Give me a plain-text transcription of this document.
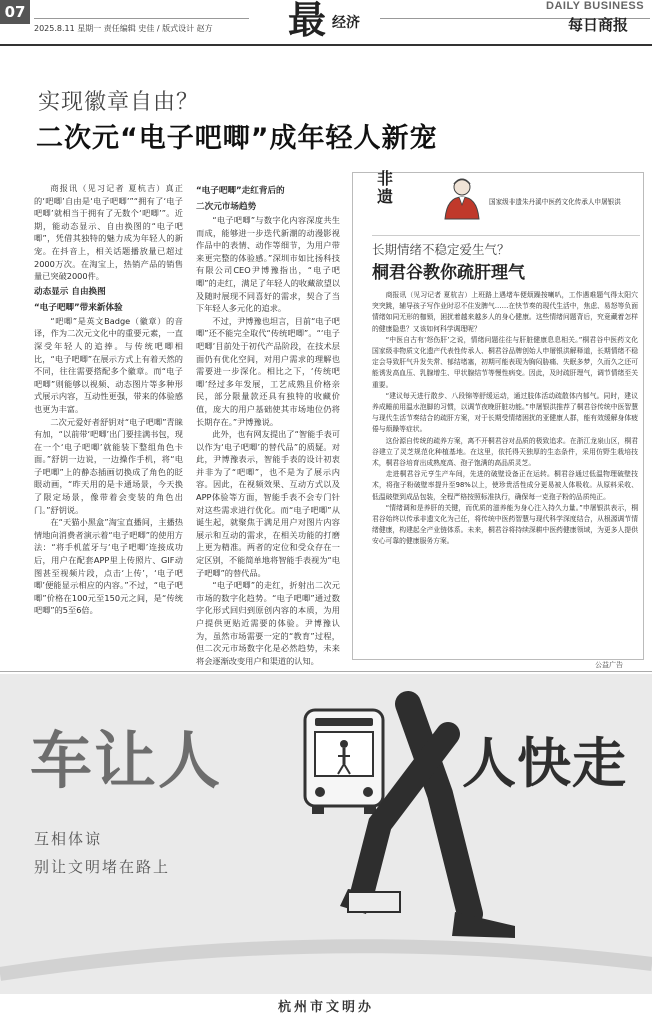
07
2025.8.11 星期一 责任编辑 史佳 / 版式设计 赵方 最 经济
DAILY BUSINESS
每日商报
实现徽章自由？
二次元“电子吧唧”成年轻人新宠

商报讯（见习记者 夏杭吉）真正的‘吧唧’自由是‘电子吧唧’”“拥有了‘电子吧唧’就相当于拥有了无数个‘吧唧’”。近期，能动态显示、自由换图的“电子吧唧”，凭借其独特的魅力成为年轻人的新宠。在抖音上，相关话题播放量已超过2000万次。在淘宝上，热销产品的销售量已突破2000件。

动态显示 自由换图
“电子吧唧”带来新体验

“吧唧”是英文Badge（徽章）的音译，作为二次元文化中的重要元素，一直深受年轻人的追捧。与传统吧唧相比，“电子吧唧”在展示方式上有着天然的不同，往往需要搭配多个徽章。而“电子吧唧”则能够以视频、动态图片等多种形式展示内容，互动性更强，带来的体验感也更为丰富。

二次元爱好者舒钥对“电子吧唧”青睐有加，“以前带‘吧唧’出门要挂满书包，现在一个‘电子吧唧’就能装下整组角色卡面。”舒钥一边说，一边操作手机，将“电子吧唧”上的静态插画切换成了角色的眨眼动画，“昨天用的是卡通场景，今天换了限定场景，像带着会变装的角色出门。”舒钥说。

在“天猫小黑盒”淘宝直播间，主播热情地向消费者演示着“电子吧唧”的使用方法：“将手机蓝牙与‘电子吧唧’连接成功后，用户在配套APP里上传照片、GIF动图甚至视频片段，点击‘上传’，‘电子吧唧’便能显示相应的内容。”不过，“电子吧唧”价格在100元至150元之间，是“传统吧唧”的5至6倍。

“电子吧唧”走红背后的
二次元市场趋势

“电子吧唧”与数字化内容深度共生而成，能够进一步迭代新潮的动漫影视作品中的表情、动作等细节，为用户带来更完整的体验感。”深圳市如比扬科技有限公司CEO尹博豫指出，“电子吧唧”的走红，满足了年轻人的收藏欲望以及随时展现不同喜好的需求，契合了当下年轻人多元化的追求。

不过，尹博豫也坦言，目前“电子吧唧”还不能完全取代“传统吧唧”。“‘电子吧唧’目前处于初代产品阶段，在技术层面仍有优化空间，对用户需求的理解也需要进一步深化。相比之下，‘传统吧唧’经过多年发展，工艺成熟且价格亲民，部分限量款还具有独特的收藏价值，庞大的用户基础使其市场地位仍将长期存在。”尹博豫说。

此外，也有网友提出了“智能手表可以作为‘电子吧唧’的替代品”的质疑。对此，尹博豫表示，智能手表的设计初衷并非为了“吧唧”，也不是为了展示内容。因此，在视频效果、互动方式以及APP体验等方面，智能手表不会专门针对这些需求进行优化。而“电子吧唧”从诞生起，就聚焦于满足用户对图片内容展示和互动的需求，在相关功能的打磨上更为精准。两者的定位和受众存在一定区别，不能简单地将智能手表视为“电子吧唧”的替代品。

“电子吧唧”的走红，折射出二次元市场的数字化趋势。“电子吧唧”通过数字化形式回归到原创内容的本质，为用户提供更贴近需要的体验。尹博豫认为，虽然市场需要一定的“教育”过程，但二次元市场数字化是必然趋势，未来将会逐渐改变用户和渠道的认知。

非遗	国家级非遗朱丹溪中医药文化传承人申屠银洪
长期情绪不稳定爱生气？
桐君谷教你疏肝理气

商报讯（见习记者 夏杭吉）上班路上遇堵车便烦躁按喇叭，工作遇难题气得太阳穴突突跳，辅导孩子写作业时忍不住发脾气……在快节奏的现代生活中，焦虑、易怒等负面情绪如同无形的枷锁，困扰着越来越多人的身心健康。这些情绪问题背后，究竟藏着怎样的健康隐患？又该如何科学调理呢？

“中医自古有‘怒伤肝’之说，情绪问题往往与肝脏健康息息相关。”桐君谷中医药文化国家级非物质文化遗产代表性传承人、桐君谷品牌创始人申屠银洪解释道，长期情绪不稳定会导致肝气升发失常、郁结堵塞，初期可能表现为胸闷胁痛、失眠多梦，久而久之还可能诱发高血压、乳腺增生、甲状腺结节等慢性病变。因此，及时疏肝理气，调节情绪至关重要。

“建议每天进行散步、八段锦等舒缓运动，通过肢体活动疏散体内郁气。同时，建议养成睡前用温水泡脚的习惯，以调节夜晚肝脏功能。”申屠银洪推荐了桐君谷传统中医智慧与现代生活节奏结合的疏肝方案，对于长期受情绪困扰的亚健康人群，能有效缓解身体疲倦与烦躁等症状。

这份源自传统的疏养方案，离不开桐君谷对品质的极致追求。在浙江龙泉山区，桐君谷建立了灵芝规范化种植基地。在这里，依托得天独厚的生态条件，采用仿野生栽培技术，桐君谷培育出成熟度高、孢子饱满的高品质灵芝。

走进桐君谷元亨生产车间，先进的破壁设备正在运转。桐君谷通过低温物理破壁技术，将孢子粉破壁率提升至98%以上，使珍贵活性成分更易被人体吸收。从原料采收、低温破壁到成品包装，全程严格按照标准执行，确保每一克孢子粉的品质纯正。

“情绪调和是养肝的关键，而优质的滋养能为身心注入持久力量。”申屠银洪表示，桐君谷始终以传承非遗文化为己任，将传统中医药智慧与现代科学深度结合，从根源调节情绪健康，构建起全产业链体系。未来，桐君谷将持续深耕中医药健康领域，为更多人提供安心可靠的健康服务方案。

公益广告
车让人	人快走
互相体谅
别让文明堵在路上
杭州市文明办
